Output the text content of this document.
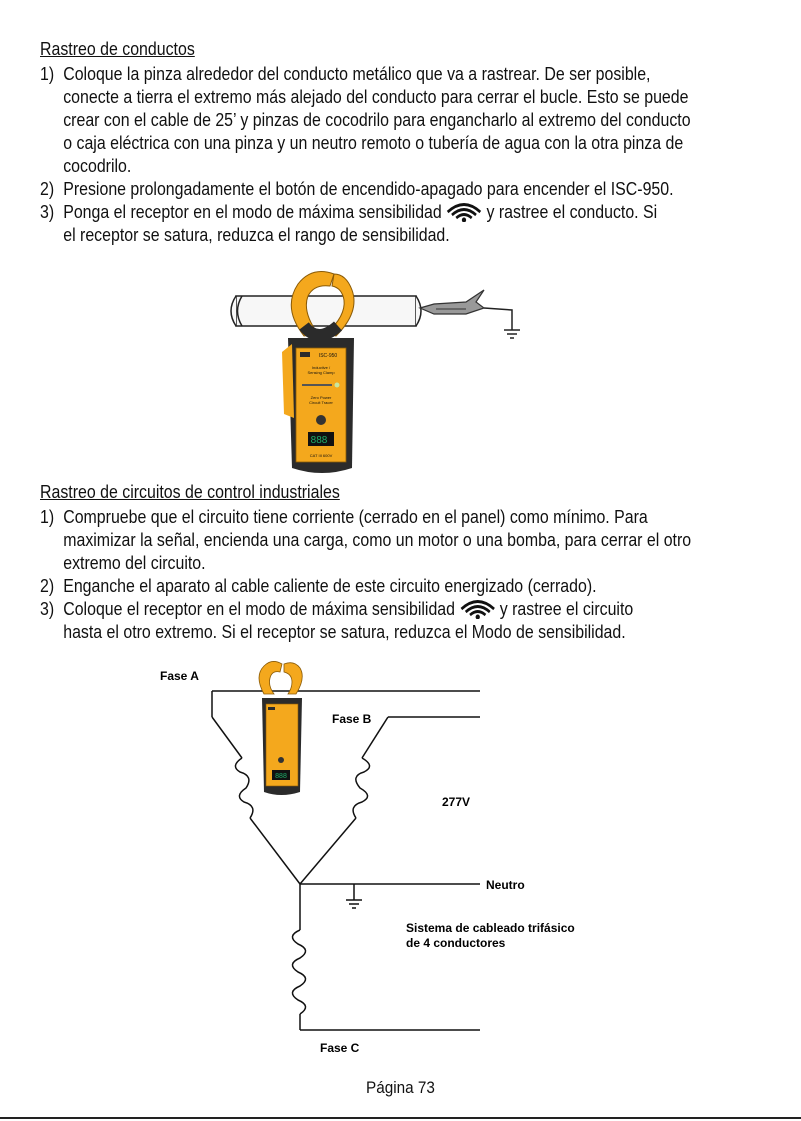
Rastreo de conductos
1) Coloque la pinza alrededor del conducto metálico que va a rastrear. De ser posible,
conecte a tierra el extremo más alejado del conducto para cerrar el bucle. Esto se puede
crear con el cable de 25’ y pinzas de cocodrilo para engancharlo al extremo del conducto
o caja eléctrica con una pinza y un neutro remoto o tubería de agua con la otra pinza de
cocodrilo.
2) Presione prolongadamente el botón de encendido-apagado para encender el ISC-950.
3) Ponga el receptor en el modo de máxima sensibilidad y rastree el conducto. Si
el receptor se satura, reduzca el rango de sensibilidad.
ISC-950
Inductive /
Sensing Clamp
Zero Power
Circuit Tracer
888
CAT III 600V
Rastreo de circuitos de control industriales
1) Compruebe que el circuito tiene corriente (cerrado en el panel) como mínimo. Para
maximizar la señal, encienda una carga, como un motor o una bomba, para cerrar el otro
extremo del circuito.
2) Enganche el aparato al cable caliente de este circuito energizado (cerrado).
3) Coloque el receptor en el modo de máxima sensibilidad y rastree el circuito
hasta el otro extremo. Si el receptor se satura, reduzca el Modo de sensibilidad.
Fase A
Fase B
Fase C
277V
Neutro
Sistema de cableado trifásico
de 4 conductores
888
Página 73
